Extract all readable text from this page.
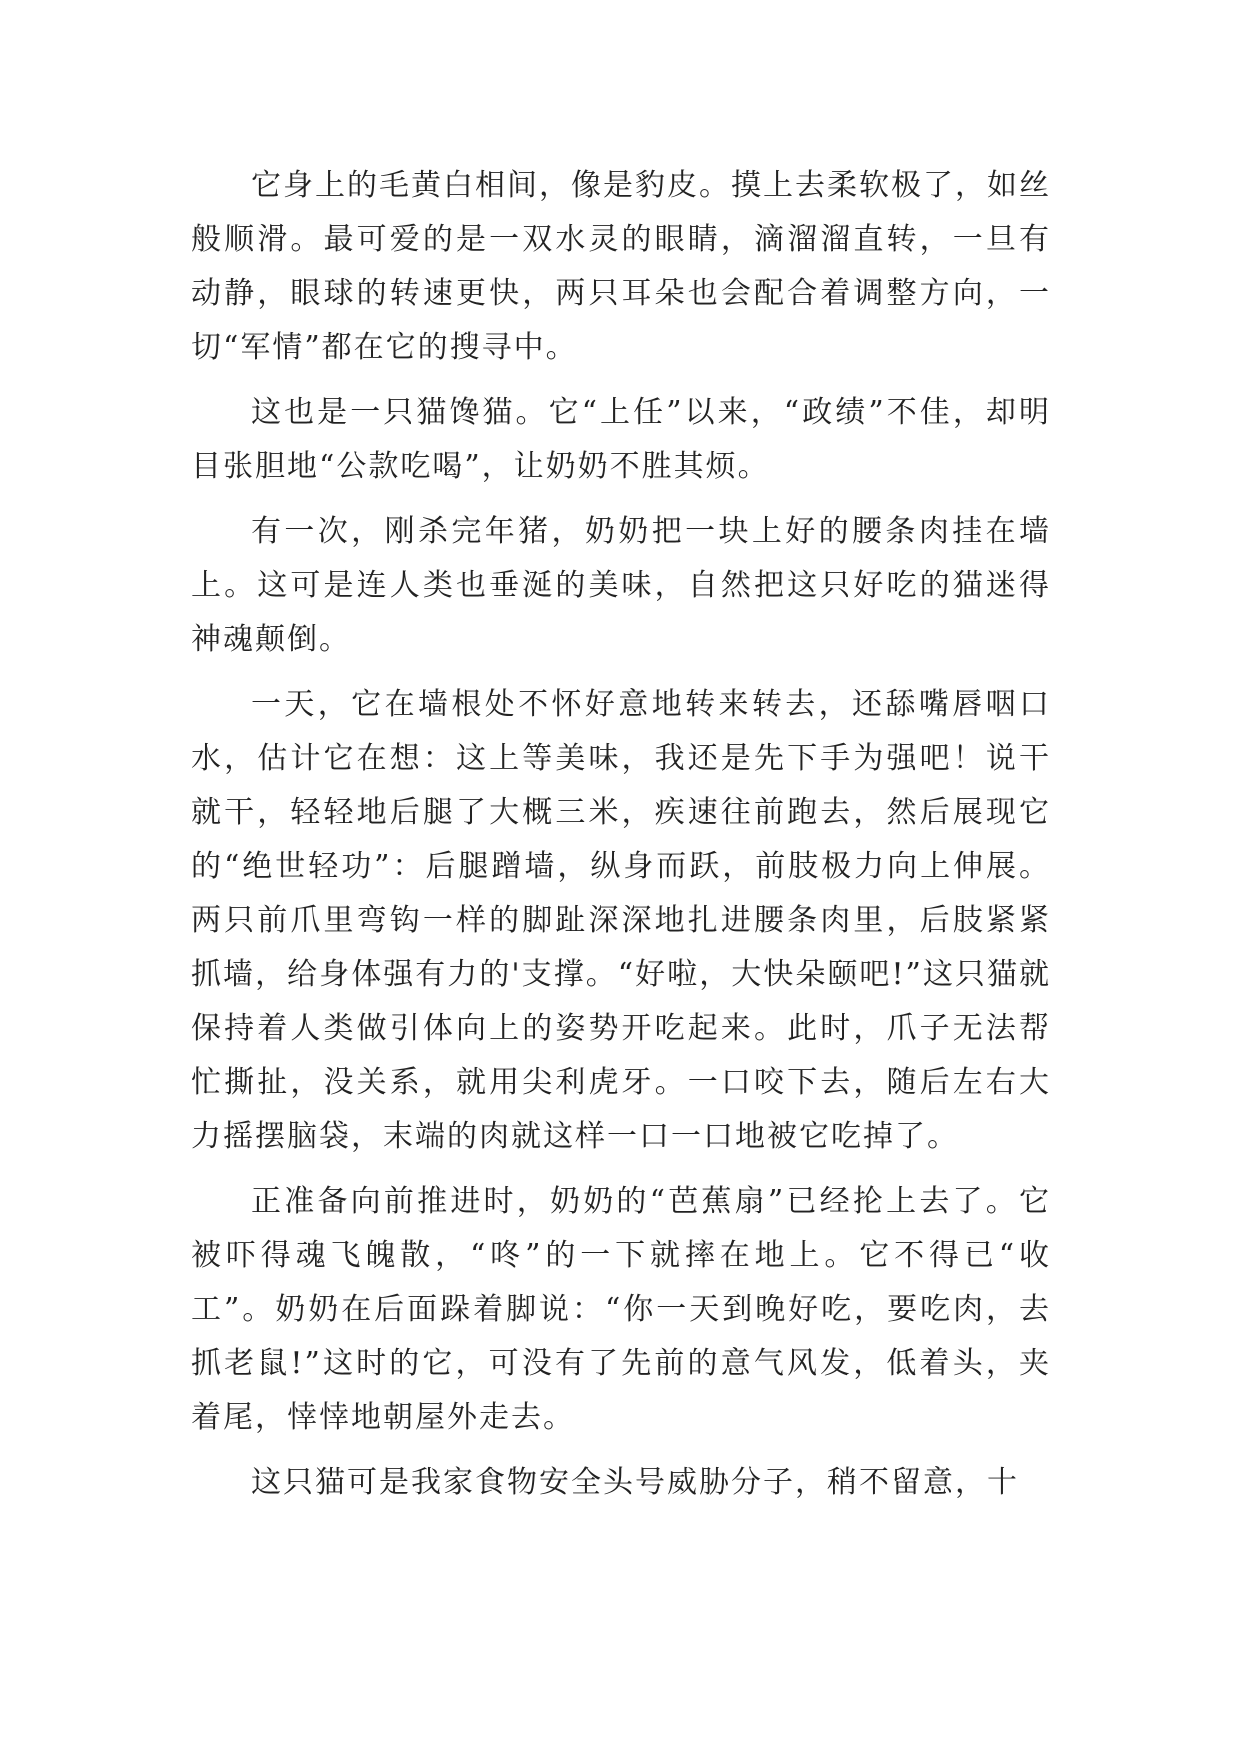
它身上的毛黄白相间，像是豹皮。摸上去柔软极了，如丝般顺滑。最可爱的是一双水灵的眼睛，滴溜溜直转，一旦有动静，眼球的转速更快，两只耳朵也会配合着调整方向，一切“军情”都在它的搜寻中。

这也是一只猫馋猫。它“上任”以来，“政绩”不佳，却明目张胆地“公款吃喝”，让奶奶不胜其烦。

有一次，刚杀完年猪，奶奶把一块上好的腰条肉挂在墙上。这可是连人类也垂涎的美味，自然把这只好吃的猫迷得神魂颠倒。

一天，它在墙根处不怀好意地转来转去，还舔嘴唇咽口水，估计它在想：这上等美味，我还是先下手为强吧！说干就干，轻轻地后腿了大概三米，疾速往前跑去，然后展现它的“绝世轻功”：后腿蹭墙，纵身而跃，前肢极力向上伸展。两只前爪里弯钩一样的脚趾深深地扎进腰条肉里，后肢紧紧抓墙，给身体强有力的'支撑。“好啦，大快朵颐吧!”这只猫就保持着人类做引体向上的姿势开吃起来。此时，爪子无法帮忙撕扯，没关系，就用尖利虎牙。一口咬下去，随后左右大力摇摆脑袋，末端的肉就这样一口一口地被它吃掉了。

正准备向前推进时，奶奶的“芭蕉扇”已经抡上去了。它被吓得魂飞魄散，“咚”的一下就摔在地上。它不得已“收工”。奶奶在后面跺着脚说：“你一天到晚好吃，要吃肉，去抓老鼠!”这时的它，可没有了先前的意气风发，低着头，夹着尾，悻悻地朝屋外走去。

这只猫可是我家食物安全头号威胁分子，稍不留意，十
